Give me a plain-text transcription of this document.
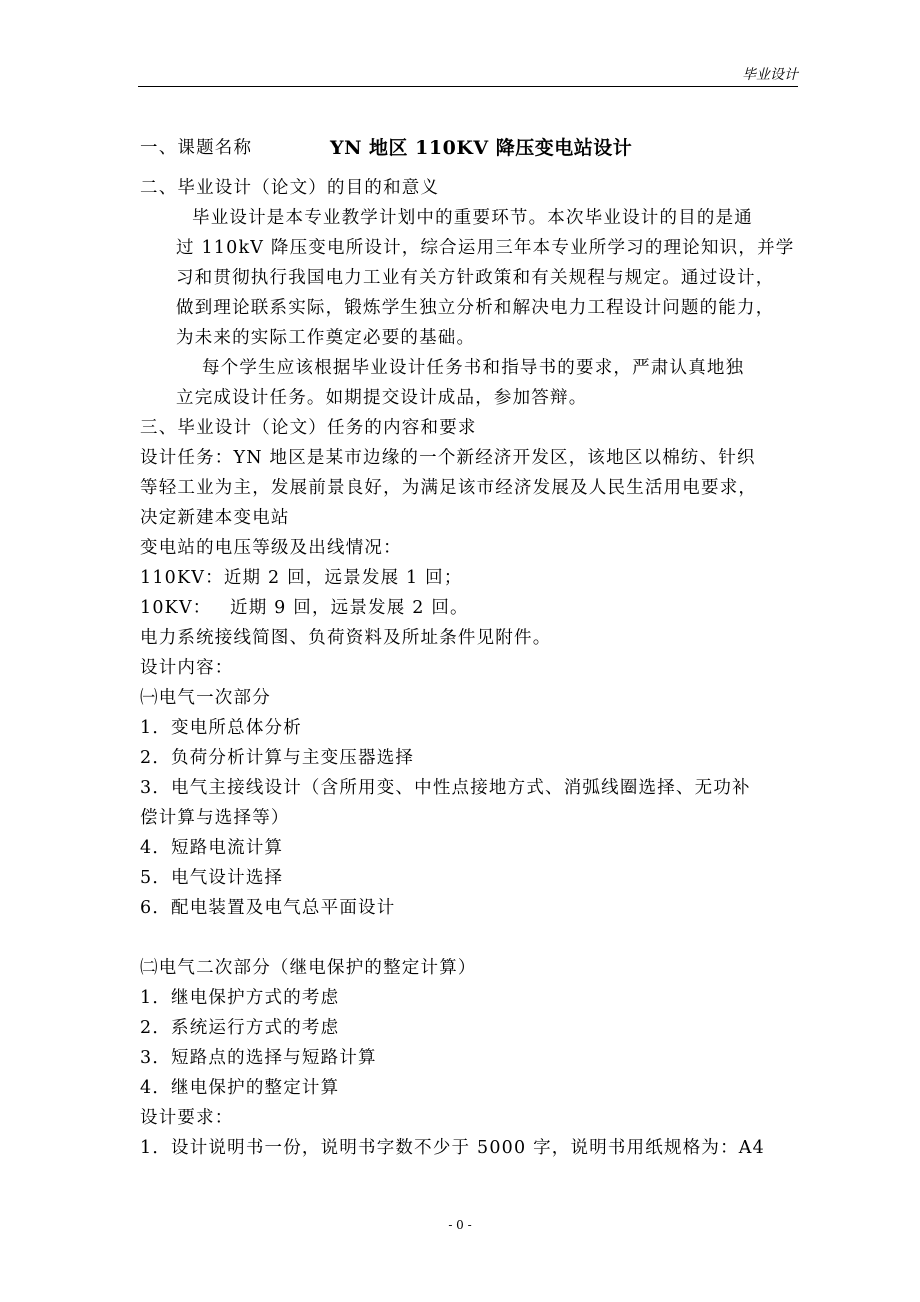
毕业设计
一、课题名称	YN 地区 110KV 降压变电站设计
二、毕业设计（论文）的目的和意义
毕业设计是本专业教学计划中的重要环节。本次毕业设计的目的是通
过 110kV 降压变电所设计，综合运用三年本专业所学习的理论知识，并学
习和贯彻执行我国电力工业有关方针政策和有关规程与规定。通过设计，
做到理论联系实际，锻炼学生独立分析和解决电力工程设计问题的能力，
为未来的实际工作奠定必要的基础。
每个学生应该根据毕业设计任务书和指导书的要求，严肃认真地独
立完成设计任务。如期提交设计成品，参加答辩。
三、毕业设计（论文）任务的内容和要求
设计任务：YN 地区是某市边缘的一个新经济开发区，该地区以棉纺、针织
等轻工业为主，发展前景良好，为满足该市经济发展及人民生活用电要求，
决定新建本变电站
变电站的电压等级及出线情况：
110KV：近期 2 回，远景发展 1 回；
10KV： 近期 9 回，远景发展 2 回。
电力系统接线简图、负荷资料及所址条件见附件。
设计内容：
㈠电气一次部分
1．变电所总体分析
2．负荷分析计算与主变压器选择
3．电气主接线设计（含所用变、中性点接地方式、消弧线圈选择、无功补
偿计算与选择等）
4．短路电流计算
5．电气设计选择
6．配电装置及电气总平面设计
㈡电气二次部分（继电保护的整定计算）
1．继电保护方式的考虑
2．系统运行方式的考虑
3．短路点的选择与短路计算
4．继电保护的整定计算
设计要求：
1．设计说明书一份，说明书字数不少于 5000 字，说明书用纸规格为：A4
- 0 -
